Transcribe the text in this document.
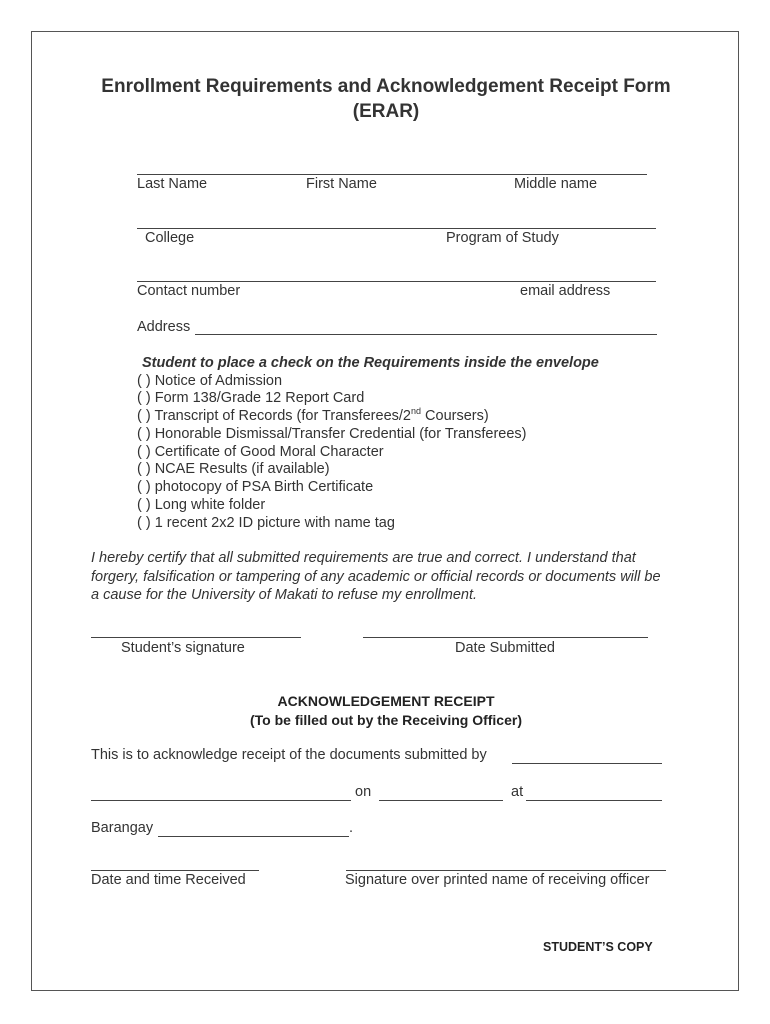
Enrollment Requirements and Acknowledgement Receipt Form
(ERAR)
Last Name	First Name	Middle name
College	Program of Study
Contact number	email address
Address
Student to place a check on the Requirements inside the envelope
( ) Notice of Admission
( ) Form 138/Grade 12 Report Card
( ) Transcript of Records (for Transferees/2nd Coursers)
( ) Honorable Dismissal/Transfer Credential (for Transferees)
( ) Certificate of Good Moral Character
( ) NCAE Results (if available)
( ) photocopy of PSA Birth Certificate
( ) Long white folder
( ) 1 recent 2x2 ID picture with name tag
I hereby certify that all submitted requirements are true and correct. I understand that
forgery, falsification or tampering of any academic or official records or documents will be
a cause for the University of Makati to refuse my enrollment.
Student’s signature	Date Submitted
ACKNOWLEDGEMENT RECEIPT
(To be filled out by the Receiving Officer)
This is to acknowledge receipt of the documents submitted by
on	at
Barangay	.
Date and time Received	Signature over printed name of receiving officer
STUDENT’S COPY
